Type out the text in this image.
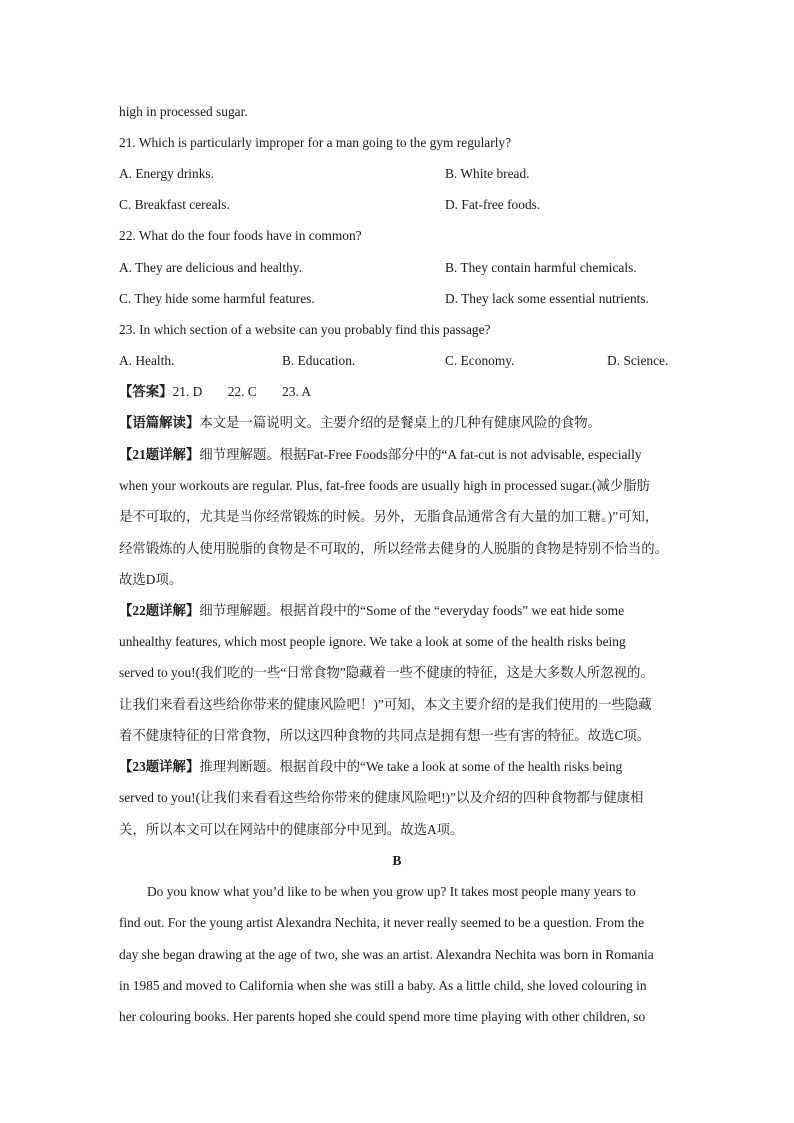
high in processed sugar.
21. Which is particularly improper for a man going to the gym regularly?
A. Energy drinks.	B. White bread.
C. Breakfast cereals.	D. Fat-free foods.
22. What do the four foods have in common?
A. They are delicious and healthy.	B. They contain harmful chemicals.
C. They hide some harmful features.	D. They lack some essential nutrients.
23. In which section of a website can you probably find this passage?
A. Health.	B. Education.	C. Economy.	D. Science.
【答案】21. D 22. C 23. A
【语篇解读】本文是一篇说明文。主要介绍的是餐桌上的几种有健康风险的食物。
【21题详解】细节理解题。根据Fat-Free Foods部分中的“A fat-cut is not advisable, especially
when your workouts are regular. Plus, fat-free foods are usually high in processed sugar.(减少脂肪
是不可取的，尤其是当你经常锻炼的时候。另外，无脂食品通常含有大量的加工糖。)”可知，
经常锻炼的人使用脱脂的食物是不可取的，所以经常去健身的人脱脂的食物是特别不恰当的。
故选D项。
【22题详解】细节理解题。根据首段中的“Some of the “everyday foods” we eat hide some
unhealthy features, which most people ignore. We take a look at some of the health risks being
served to you!(我们吃的一些“日常食物”隐藏着一些不健康的特征，这是大多数人所忽视的。
让我们来看看这些给你带来的健康风险吧！)”可知，本文主要介绍的是我们使用的一些隐藏
着不健康特征的日常食物，所以这四种食物的共同点是拥有想一些有害的特征。故选C项。
【23题详解】推理判断题。根据首段中的“We take a look at some of the health risks being
served to you!(让我们来看看这些给你带来的健康风险吧!)”以及介绍的四种食物都与健康相
关，所以本文可以在网站中的健康部分中见到。故选A项。
B
Do you know what you’d like to be when you grow up? It takes most people many years to
find out. For the young artist Alexandra Nechita, it never really seemed to be a question. From the
day she began drawing at the age of two, she was an artist. Alexandra Nechita was born in Romania
in 1985 and moved to California when she was still a baby. As a little child, she loved colouring in
her colouring books. Her parents hoped she could spend more time playing with other children, so
